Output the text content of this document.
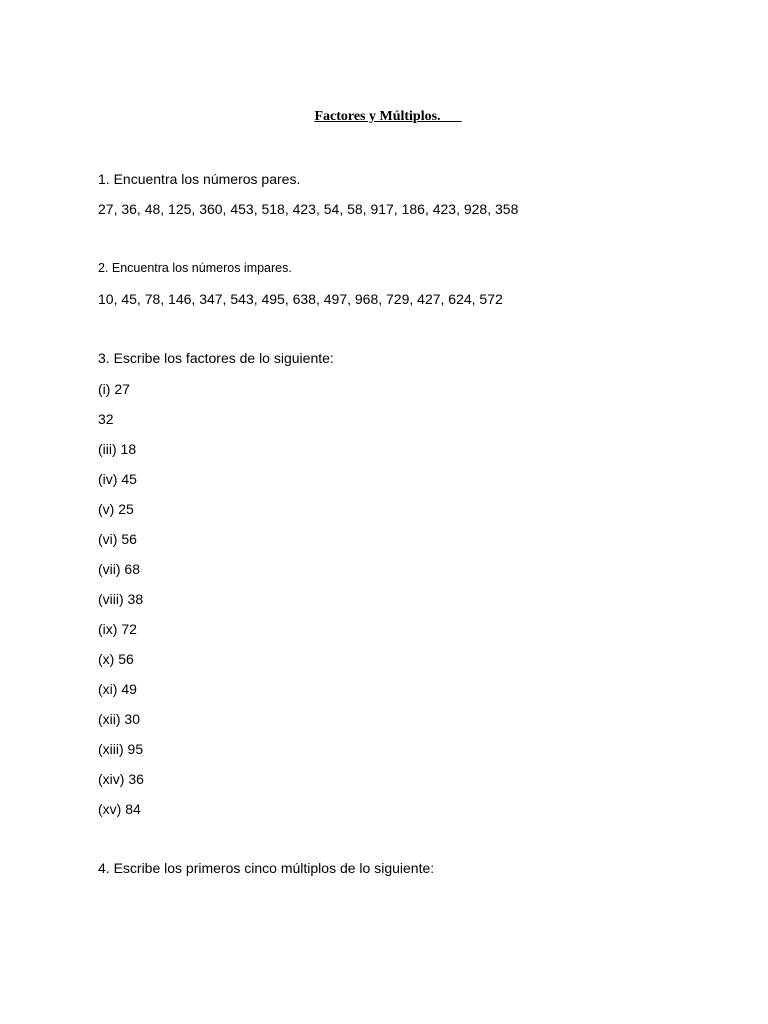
Factores y Múltiplos.
1. Encuentra los números pares.
27, 36, 48, 125, 360, 453, 518, 423, 54, 58, 917, 186, 423, 928, 358
2. Encuentra los números impares.
10, 45, 78, 146, 347, 543, 495, 638, 497, 968, 729, 427, 624, 572
3. Escribe los factores de lo siguiente:
(i) 27
32
(iii) 18
(iv) 45
(v) 25
(vi) 56
(vii) 68
(viii) 38
(ix) 72
(x) 56
(xi) 49
(xii) 30
(xiii) 95
(xiv) 36
(xv) 84
4. Escribe los primeros cinco múltiplos de lo siguiente:
